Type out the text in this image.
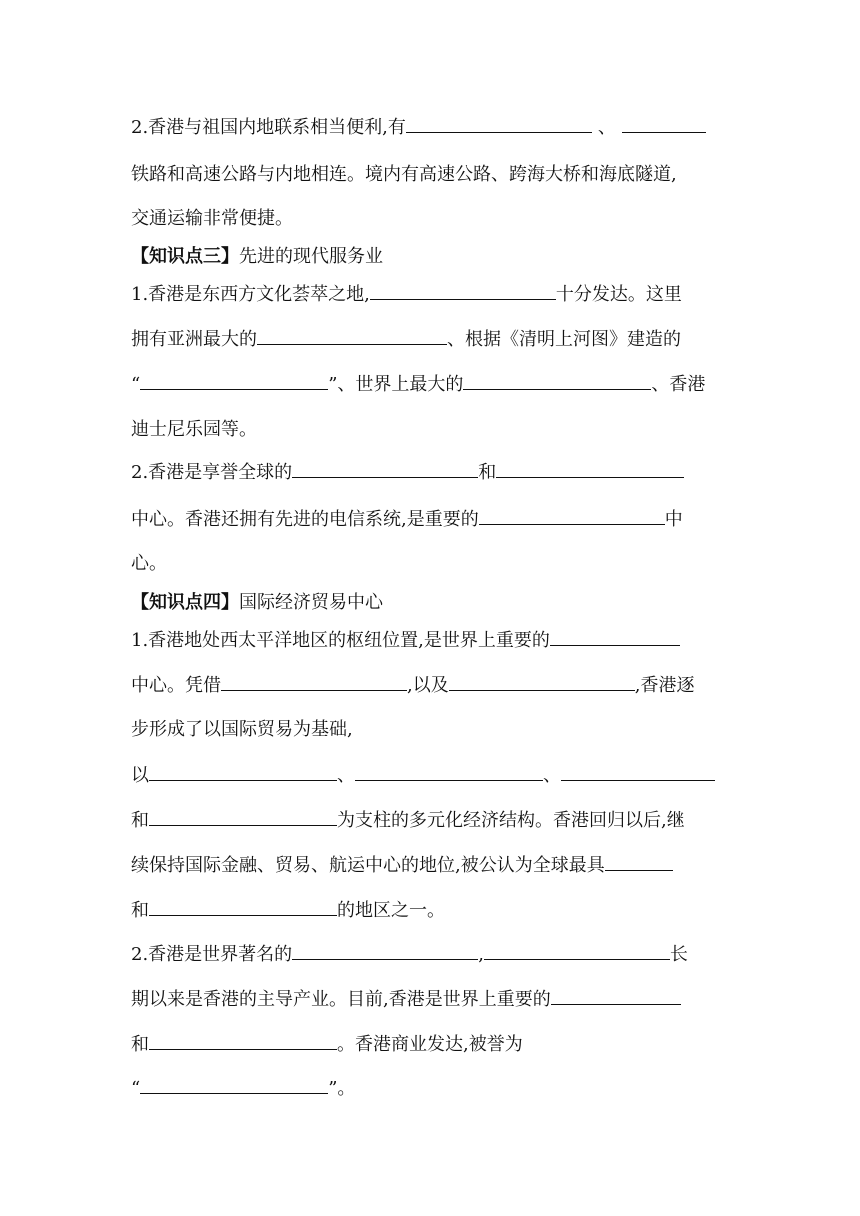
2.香港与祖国内地联系相当便利,有	、
铁路和高速公路与内地相连。境内有高速公路、跨海大桥和海底隧道,
交通运输非常便捷。
【知识点三】先进的现代服务业
1.香港是东西方文化荟萃之地,	十分发达。这里
拥有亚洲最大的	、根据《清明上河图》建造的
“	”、世界上最大的	、香港
迪士尼乐园等。
2.香港是享誉全球的	和
中心。香港还拥有先进的电信系统,是重要的	中
心。
【知识点四】国际经济贸易中心
1.香港地处西太平洋地区的枢纽位置,是世界上重要的
中心。凭借	,以及	,香港逐
步形成了以国际贸易为基础,
以	、	、
和	为支柱的多元化经济结构。香港回归以后,继
续保持国际金融、贸易、航运中心的地位,被公认为全球最具
和	的地区之一。
2.香港是世界著名的	,	长
期以来是香港的主导产业。目前,香港是世界上重要的
和	。香港商业发达,被誉为
“	”。
